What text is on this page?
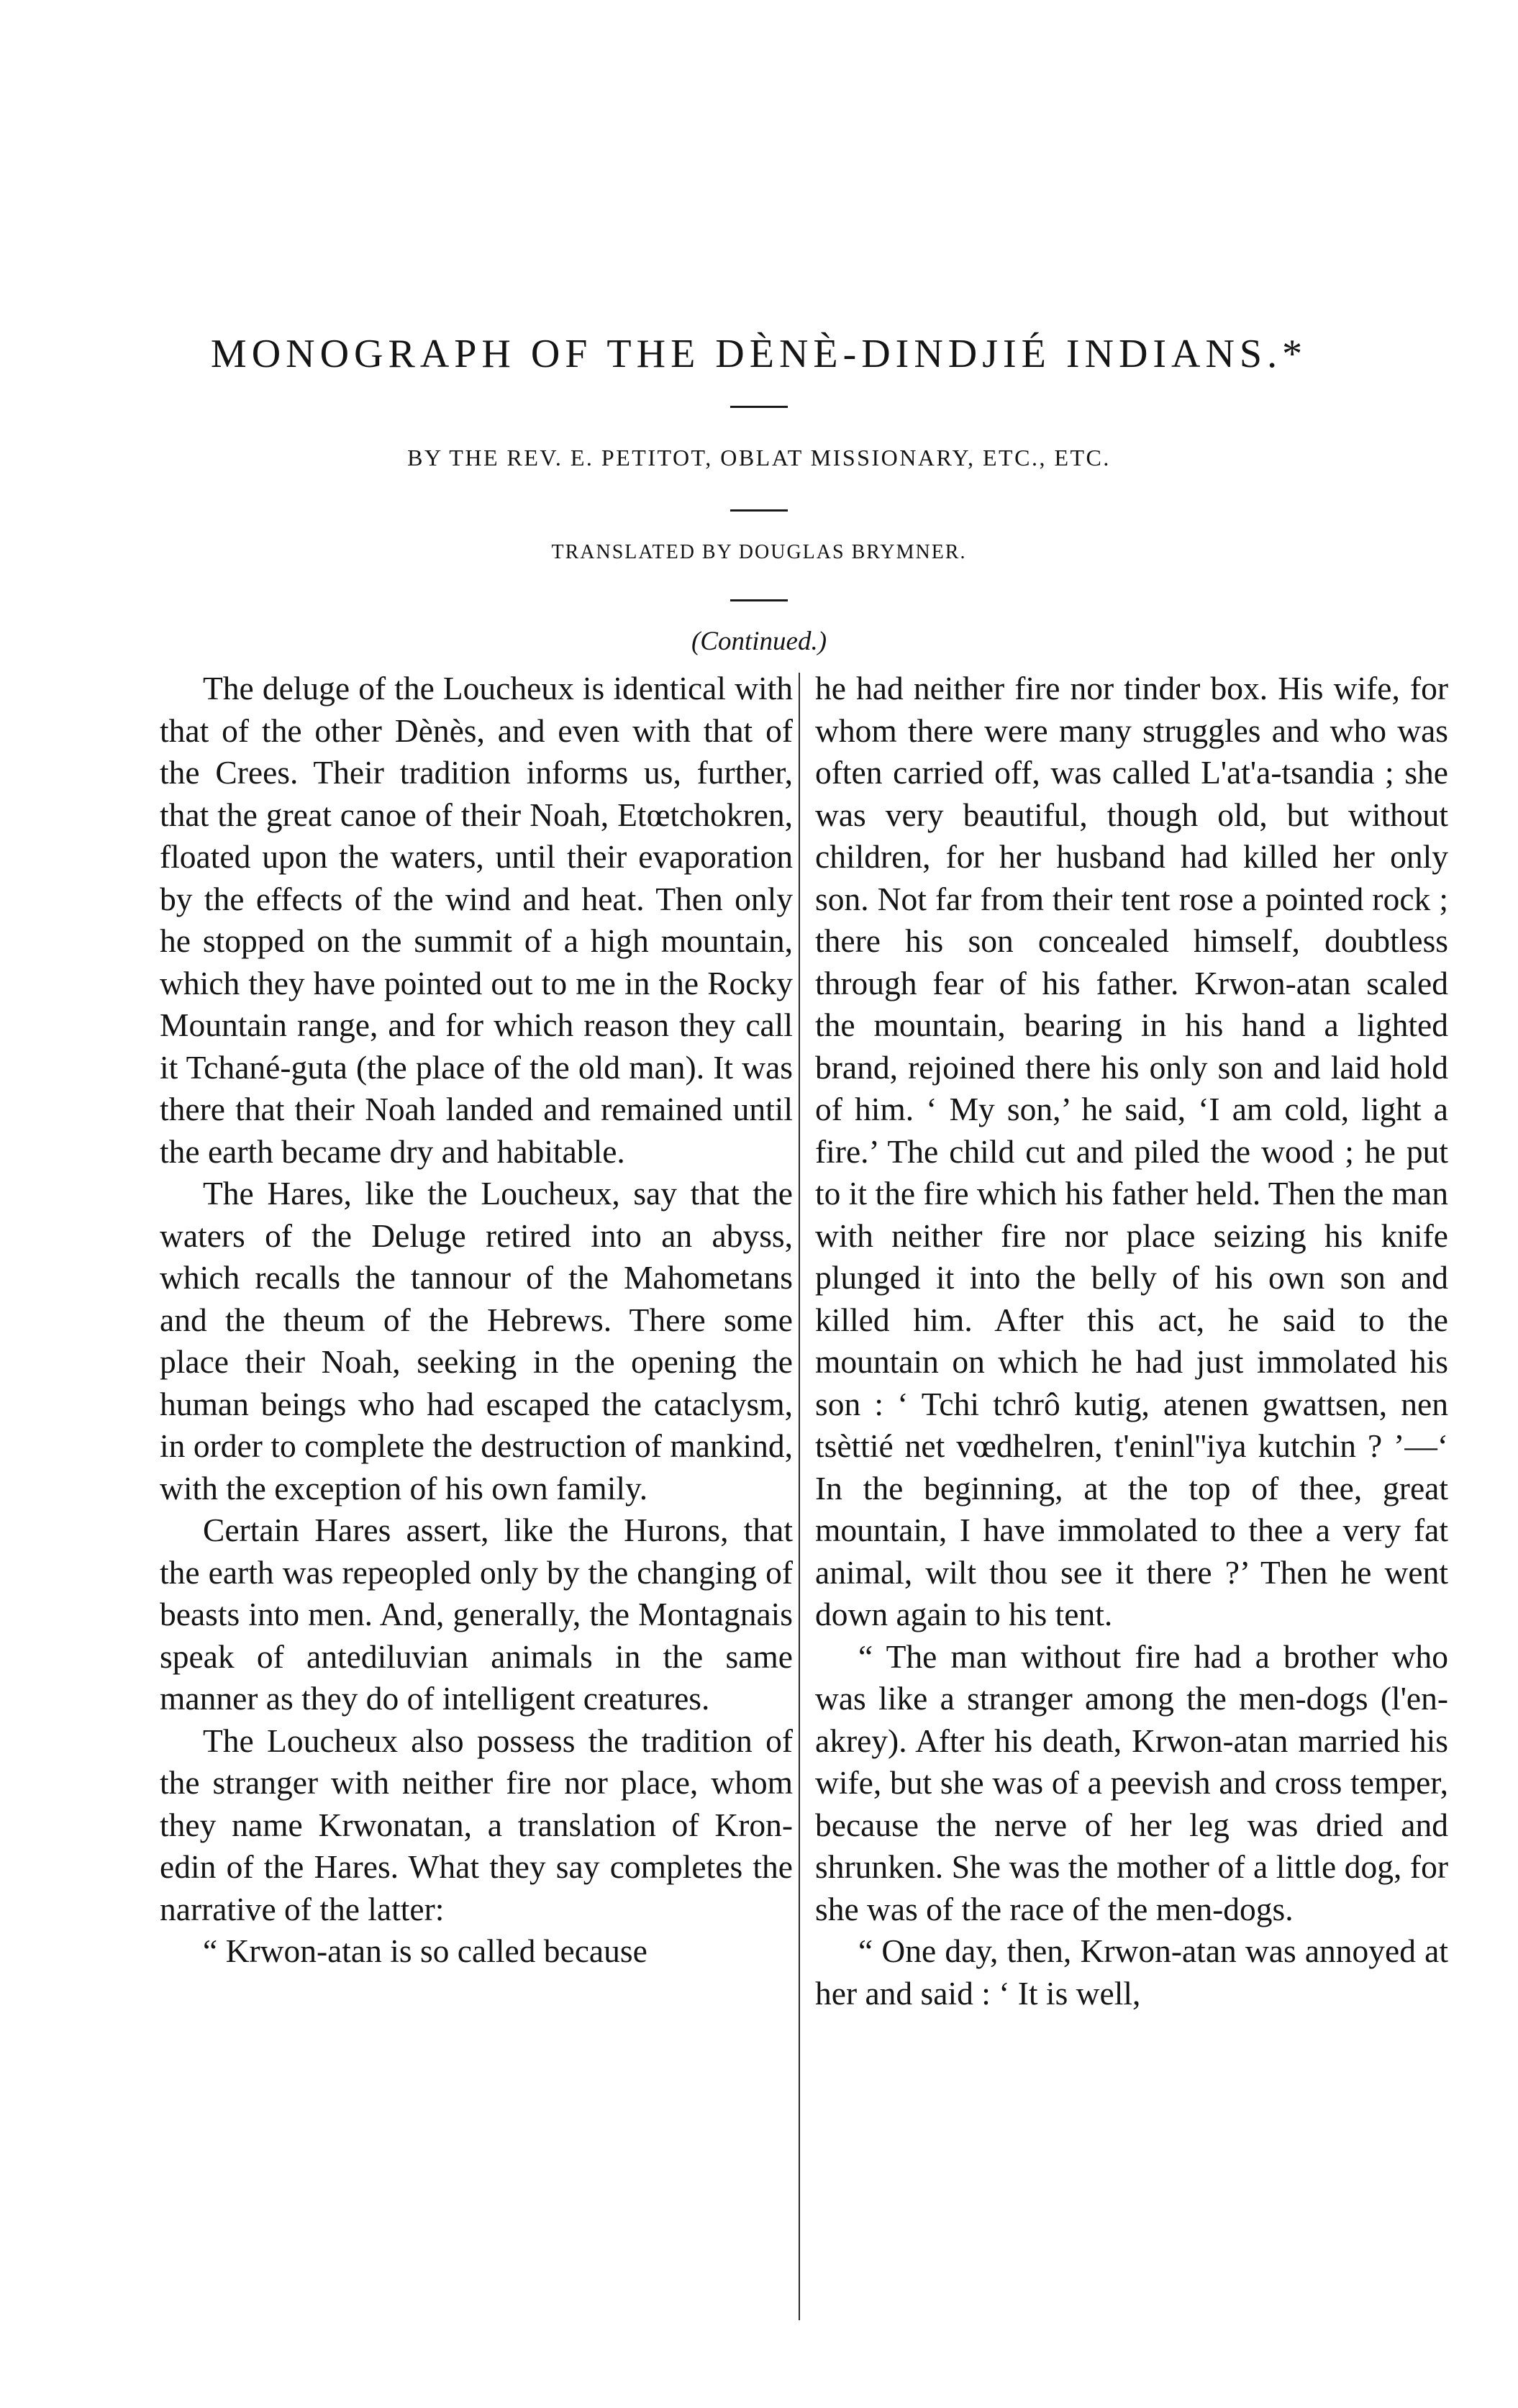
MONOGRAPH OF THE DÈNÈ-DINDJIÉ INDIANS.*
BY THE REV. E. PETITOT, OBLAT MISSIONARY, ETC., ETC.
TRANSLATED BY DOUGLAS BRYMNER.
(Continued.)

The deluge of the Loucheux is identical with that of the other Dènès, and even with that of the Crees. Their tradition informs us, further, that the great canoe of their Noah, Etœtchokren, floated upon the waters, until their evaporation by the effects of the wind and heat. Then only he stopped on the summit of a high mountain, which they have pointed out to me in the Rocky Mountain range, and for which reason they call it Tchané-guta (the place of the old man). It was there that their Noah landed and remained until the earth became dry and habitable.

The Hares, like the Loucheux, say that the waters of the Deluge retired into an abyss, which recalls the tannour of the Mahometans and the theum of the Hebrews. There some place their Noah, seeking in the opening the human beings who had escaped the cataclysm, in order to complete the destruction of mankind, with the exception of his own family.

Certain Hares assert, like the Hurons, that the earth was repeopled only by the changing of beasts into men. And, generally, the Montagnais speak of antediluvian animals in the same manner as they do of intelligent creatures.

The Loucheux also possess the tradition of the stranger with neither fire nor place, whom they name Krwonatan, a translation of Kron-edin of the Hares. What they say completes the narrative of the latter:

“ Krwon-atan is so called because

he had neither fire nor tinder box. His wife, for whom there were many struggles and who was often carried off, was called L'at'a-tsandia ; she was very beautiful, though old, but without children, for her husband had killed her only son. Not far from their tent rose a pointed rock ; there his son concealed himself, doubtless through fear of his father. Krwon-atan scaled the mountain, bearing in his hand a lighted brand, rejoined there his only son and laid hold of him. ‘ My son,’ he said, ‘I am cold, light a fire.’ The child cut and piled the wood ; he put to it the fire which his father held. Then the man with neither fire nor place seizing his knife plunged it into the belly of his own son and killed him. After this act, he said to the mountain on which he had just immolated his son : ‘ Tchi tchrô kutig, atenen gwattsen, nen tsèttié net vœdhelren, t'eninl''iya kutchin ? ’—‘ In the beginning, at the top of thee, great mountain, I have immolated to thee a very fat animal, wilt thou see it there ?’ Then he went down again to his tent.

“ The man without fire had a brother who was like a stranger among the men-dogs (l'en-akrey). After his death, Krwon-atan married his wife, but she was of a peevish and cross temper, because the nerve of her leg was dried and shrunken. She was the mother of a little dog, for she was of the race of the men-dogs.

“ One day, then, Krwon-atan was annoyed at her and said : ‘ It is well,
